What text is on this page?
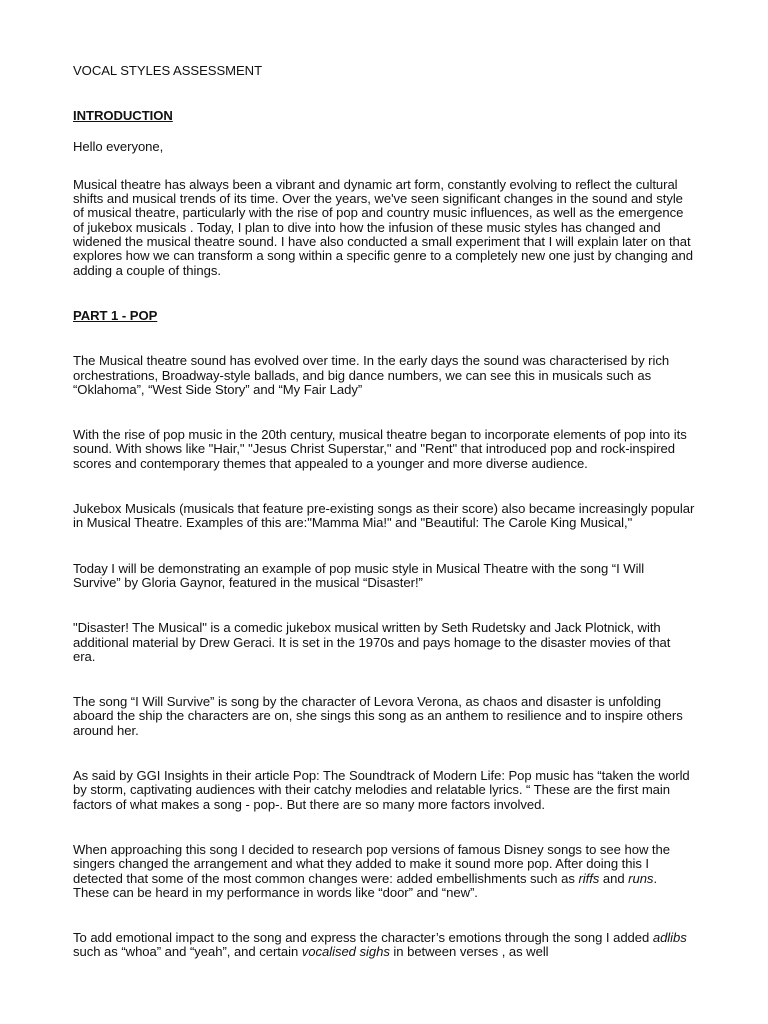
VOCAL STYLES ASSESSMENT
INTRODUCTION

Hello everyone,

Musical theatre has always been a vibrant and dynamic art form, constantly evolving to reflect the cultural shifts and musical trends of its time. Over the years, we've seen significant changes in the sound and style of musical theatre, particularly with the rise of pop and country music influences, as well as the emergence of jukebox musicals . Today, I plan to dive into how the infusion of these music styles has changed and widened the musical theatre sound. I have also conducted a small experiment that I will explain later on that explores how we can transform a song within a specific genre to a completely new one just by changing and adding a couple of things.

PART 1 - POP

The Musical theatre sound has evolved over time. In the early days the sound was characterised by rich orchestrations, Broadway-style ballads, and big dance numbers, we can see this in musicals such as “Oklahoma”, “West Side Story” and “My Fair Lady”

With the rise of pop music in the 20th century, musical theatre began to incorporate elements of pop into its sound. With shows like "Hair," "Jesus Christ Superstar," and "Rent" that introduced pop and rock-inspired scores and contemporary themes that appealed to a younger and more diverse audience.

Jukebox Musicals (musicals that feature pre-existing songs as their score) also became increasingly popular in Musical Theatre. Examples of this are:"Mamma Mia!" and "Beautiful: The Carole King Musical,"

Today I will be demonstrating an example of pop music style in Musical Theatre with the song “I Will Survive” by Gloria Gaynor, featured in the musical “Disaster!”

"Disaster! The Musical" is a comedic jukebox musical written by Seth Rudetsky and Jack Plotnick, with additional material by Drew Geraci. It is set in the 1970s and pays homage to the disaster movies of that era.

The song “I Will Survive” is song by the character of Levora Verona, as chaos and disaster is unfolding aboard the ship the characters are on, she sings this song as an anthem to resilience and to inspire others around her.

As said by GGI Insights in their article Pop: The Soundtrack of Modern Life: Pop music has “taken the world by storm, captivating audiences with their catchy melodies and relatable lyrics. “ These are the first main factors of what makes a song - pop-. But there are so many more factors involved.

When approaching this song I decided to research pop versions of famous Disney songs to see how the singers changed the arrangement and what they added to make it sound more pop. After doing this I detected that some of the most common changes were: added embellishments such as riffs and runs. These can be heard in my performance in words like “door” and “new”.

To add emotional impact to the song and express the character’s emotions through the song I added adlibs such as “whoa” and “yeah”, and certain vocalised sighs in between verses , as well
